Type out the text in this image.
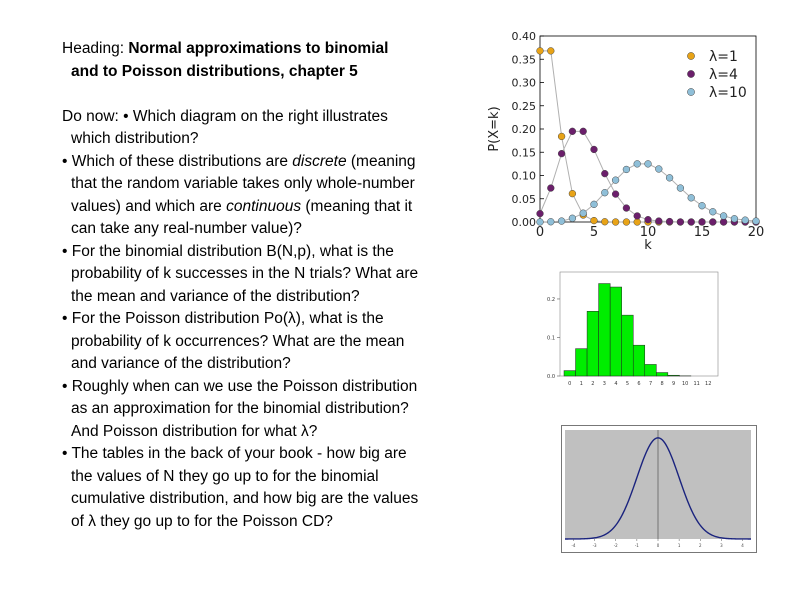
Heading: Normal approximations to binomial
and to Poisson distributions, chapter 5
Do now: • Which diagram on the right illustrates
which distribution?
• Which of these distributions are discrete (meaning
that the random variable takes only whole-number
values) and which are continuous (meaning that it
can take any real-number value)?
• For the binomial distribution B(N,p), what is the
probability of k successes in the N trials? What are
the mean and variance of the distribution?
• For the Poisson distribution Po(λ), what is the
probability of k occurrences? What are the mean
and variance of the distribution?
• Roughly when can we use the Poisson distribution
as an approximation for the binomial distribution?
And Poisson distribution for what λ?
• The tables in the back of your book - how big are
the values of N they go up to for the binomial
cumulative distribution, and how big are the values
of λ they go up to for the Poisson CD?
0.00
0.05
0.10
0.15
0.20
0.25
0.30
0.35
0.40
0	5	10	15	20
k
P(X=k)
λ=1
λ=4
λ=10
0.0
0.1
0.2
0 1 2 3 4 5 6 7 8 9 10 11 12
-4	-3	-2	-1	0	1	2	3	4
